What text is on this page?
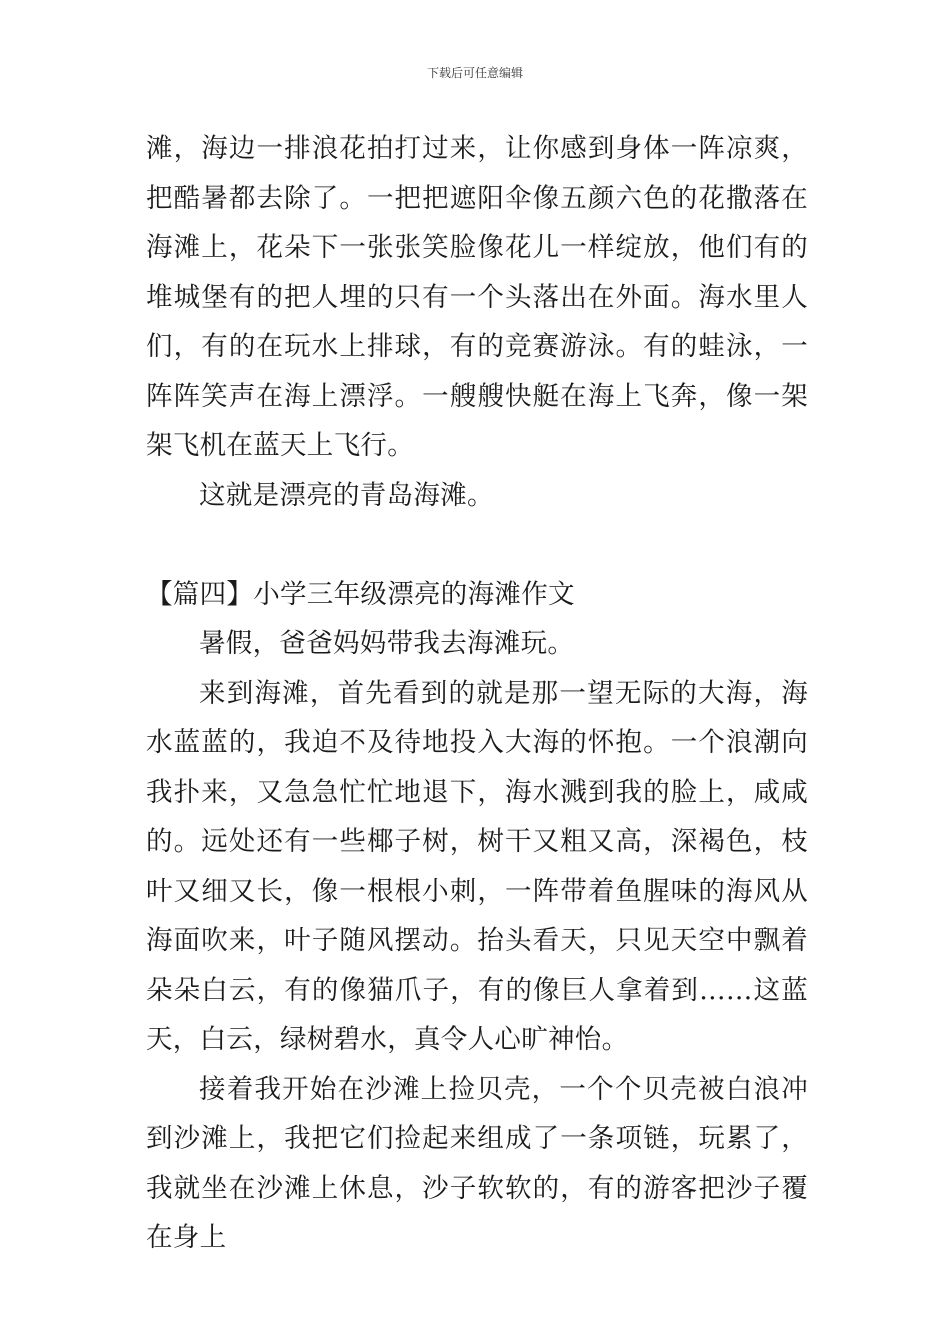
下载后可任意编辑

滩，海边一排浪花拍打过来，让你感到身体一阵凉爽，把酷暑都去除了。一把把遮阳伞像五颜六色的花撒落在海滩上，花朵下一张张笑脸像花儿一样绽放，他们有的堆城堡有的把人埋的只有一个头落出在外面。海水里人们，有的在玩水上排球，有的竞赛游泳。有的蛙泳，一阵阵笑声在海上漂浮。一艘艘快艇在海上飞奔，像一架架飞机在蓝天上飞行。

这就是漂亮的青岛海滩。

【篇四】小学三年级漂亮的海滩作文

暑假，爸爸妈妈带我去海滩玩。

来到海滩，首先看到的就是那一望无际的大海，海水蓝蓝的，我迫不及待地投入大海的怀抱。一个浪潮向我扑来，又急急忙忙地退下，海水溅到我的脸上，咸咸的。远处还有一些椰子树，树干又粗又高，深褐色，枝叶又细又长，像一根根小刺，一阵带着鱼腥味的海风从海面吹来，叶子随风摆动。抬头看天，只见天空中飘着朵朵白云，有的像猫爪子，有的像巨人拿着到……这蓝天，白云，绿树碧水，真令人心旷神怡。

接着我开始在沙滩上捡贝壳，一个个贝壳被白浪冲到沙滩上，我把它们捡起来组成了一条项链，玩累了，我就坐在沙滩上休息，沙子软软的，有的游客把沙子覆在身上
